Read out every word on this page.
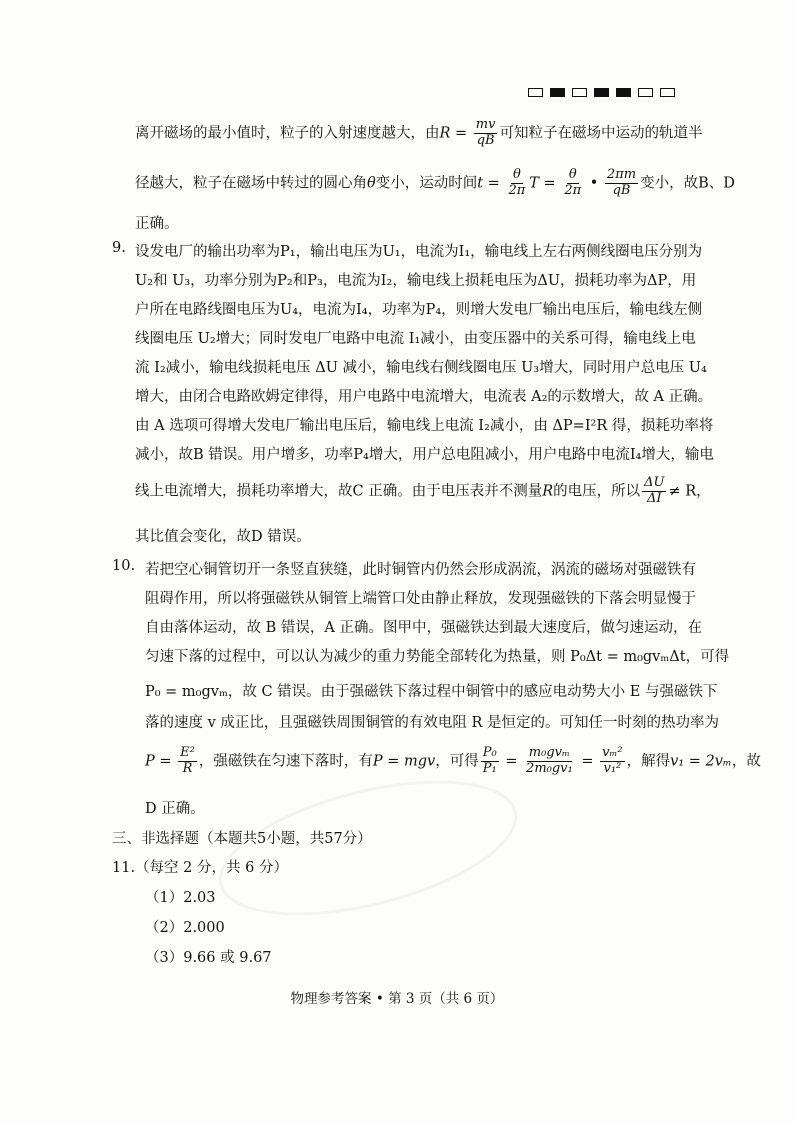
离开磁场的最小值时，粒子的入射速度越大，由$R = \frac{mv}{qB}$ 可知粒子在磁场中运动的轨道半
径越大，粒子在磁场中转过的圆心角θ变小，运动时间$t = \frac{\theta}{2\pi}$ $T = \frac{\theta}{2\pi}$ • $\frac{2\pi m}{qB}$ 变小，故B、D
正确。
9. 设发电厂的输出功率为P₁，输出电压为U₁，电流为I₁，输电线上左右两侧线圈电压分别为
U₂和 U₃，功率分别为P₂和P₃，电流为I₂，输电线上损耗电压为ΔU，损耗功率为ΔP，用
户所在电路线圈电压为U₄，电流为I₄，功率为P₄，则增大发电厂输出电压后，输电线左侧
线圈电压 U₂增大；同时发电厂电路中电流 I₁减小，由变压器中的关系可得，输电线上电
流 I₂减小，输电线损耗电压 ΔU 减小，输电线右侧线圈电压 U₃增大，同时用户总电压 U₄
增大，由闭合电路欧姆定律得，用户电路中电流增大，电流表 A₂的示数增大，故 A 正确。
由 A 选项可得增大发电厂输出电压后，输电线上电流 I₂减小，由 ΔP=I²R 得，损耗功率将
减小，故B 错误。用户增多，功率P₄增大，用户总电阻减小，用户电路中电流I₄增大，输电
线上电流增大，损耗功率增大，故C 正确。由于电压表并不测量R的电压，所以 $\frac{\Delta U}{\Delta I} \ne R$，
其比值会变化，故D 错误。
10. 若把空心铜管切开一条竖直狭缝，此时铜管内仍然会形成涡流，涡流的磁场对强磁铁有
阻碍作用，所以将强磁铁从铜管上端管口处由静止释放，发现强磁铁的下落会明显慢于
自由落体运动，故 B 错误，A 正确。图甲中，强磁铁达到最大速度后，做匀速运动，在
匀速下落的过程中，可以认为减少的重力势能全部转化为热量，则 P₀Δt = m₀gvₘΔt，可得
P₀ = m₀gvₘ，故 C 错误。由于强磁铁下落过程中铜管中的感应电动势大小 E 与强磁铁下
落的速度 v 成正比，且强磁铁周围铜管的有效电阻 R 是恒定的。可知任一时刻的热功率为
$P = \frac{\text{E²}}{R}$ ，强磁铁在匀速下落时，有P = mgv，可得 $\frac{\text{P₀}}{\text{P₁}} = \frac{\text{m₀gvₘ}}{\text{2m₀gv₁}} = \frac{\text{vₘ²}}{\text{v₁²}}$ ，解得v₁ = 2vₘ，故
D 正确。
三、非选择题（本题共5小题，共57分）
11.（每空 2 分，共 6 分）
（1）2.03
（2）2.000
（3）9.66 或 9.67
物理参考答案 • 第 3 页（共 6 页）
